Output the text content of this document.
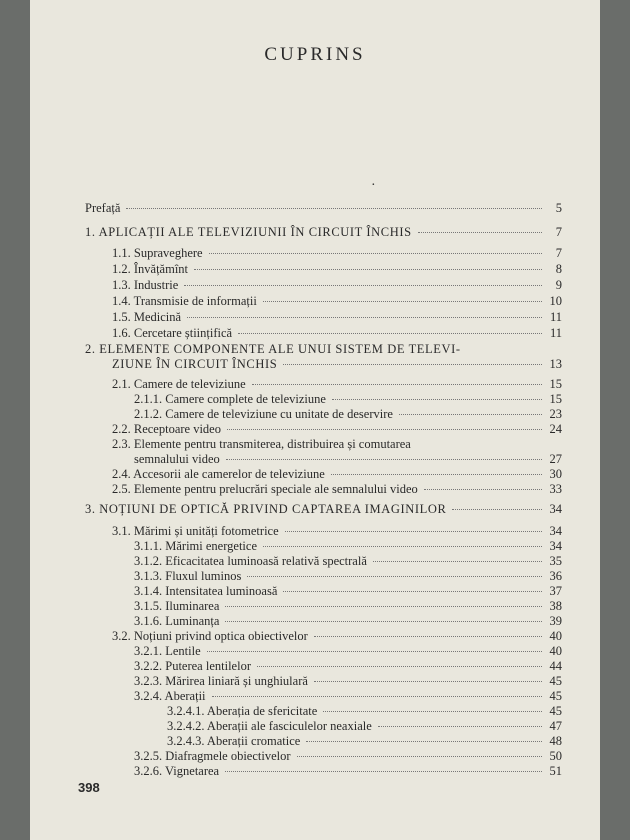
CUPRINS
·
Prefață	5
1. APLICAȚII ALE TELEVIZIUNII ÎN CIRCUIT ÎNCHIS	7
1.1. Supraveghere	7
1.2. Învățămînt	8
1.3. Industrie	9
1.4. Transmisie de informații	10
1.5. Medicină	11
1.6. Cercetare științifică	11
2. ELEMENTE COMPONENTE ALE UNUI SISTEM DE TELEVI-
ZIUNE ÎN CIRCUIT ÎNCHIS	13
2.1. Camere de televiziune	15
2.1.1. Camere complete de televiziune	15
2.1.2. Camere de televiziune cu unitate de deservire	23
2.2. Receptoare video	24
2.3. Elemente pentru transmiterea, distribuirea și comutarea
semnalului video	27
2.4. Accesorii ale camerelor de televiziune	30
2.5. Elemente pentru prelucrări speciale ale semnalului video	33
3. NOȚIUNI DE OPTICĂ PRIVIND CAPTAREA IMAGINILOR	34
3.1. Mărimi și unități fotometrice	34
3.1.1. Mărimi energetice	34
3.1.2. Eficacitatea luminoasă relativă spectrală	35
3.1.3. Fluxul luminos	36
3.1.4. Intensitatea luminoasă	37
3.1.5. Iluminarea	38
3.1.6. Luminanța	39
3.2. Noțiuni privind optica obiectivelor	40
3.2.1. Lentile	40
3.2.2. Puterea lentilelor	44
3.2.3. Mărirea liniară și unghiulară	45
3.2.4. Aberații	45
3.2.4.1. Aberația de sfericitate	45
3.2.4.2. Aberații ale fasciculelor neaxiale	47
3.2.4.3. Aberații cromatice	48
3.2.5. Diafragmele obiectivelor	50
3.2.6. Vignetarea	51
398
